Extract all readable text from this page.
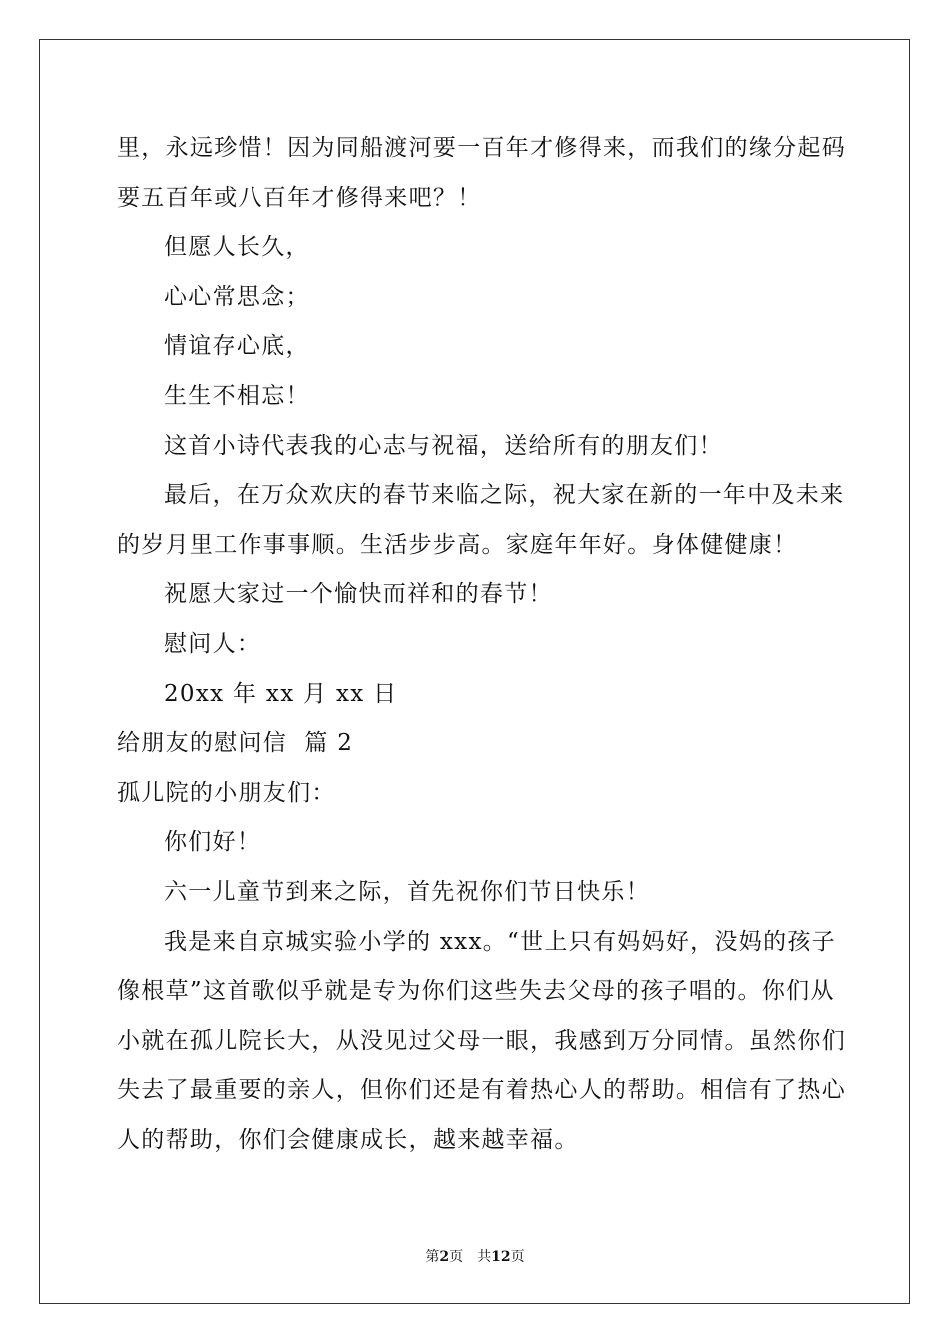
里，永远珍惜！因为同船渡河要一百年才修得来，而我们的缘分起码
要五百年或八百年才修得来吧？！
但愿人长久，
心心常思念；
情谊存心底，
生生不相忘！
这首小诗代表我的心志与祝福，送给所有的朋友们！
最后，在万众欢庆的春节来临之际，祝大家在新的一年中及未来
的岁月里工作事事顺。生活步步高。家庭年年好。身体健健康！
祝愿大家过一个愉快而祥和的春节！
慰问人：
20xx 年 xx 月 xx 日
给朋友的慰问信  篇 2
孤儿院的小朋友们：
你们好！
六一儿童节到来之际，首先祝你们节日快乐！
我是来自京城实验小学的 xxx。“世上只有妈妈好，没妈的孩子
像根草”这首歌似乎就是专为你们这些失去父母的孩子唱的。你们从
小就在孤儿院长大，从没见过父母一眼，我感到万分同情。虽然你们
失去了最重要的亲人，但你们还是有着热心人的帮助。相信有了热心
人的帮助，你们会健康成长，越来越幸福。
第2页 共12页
